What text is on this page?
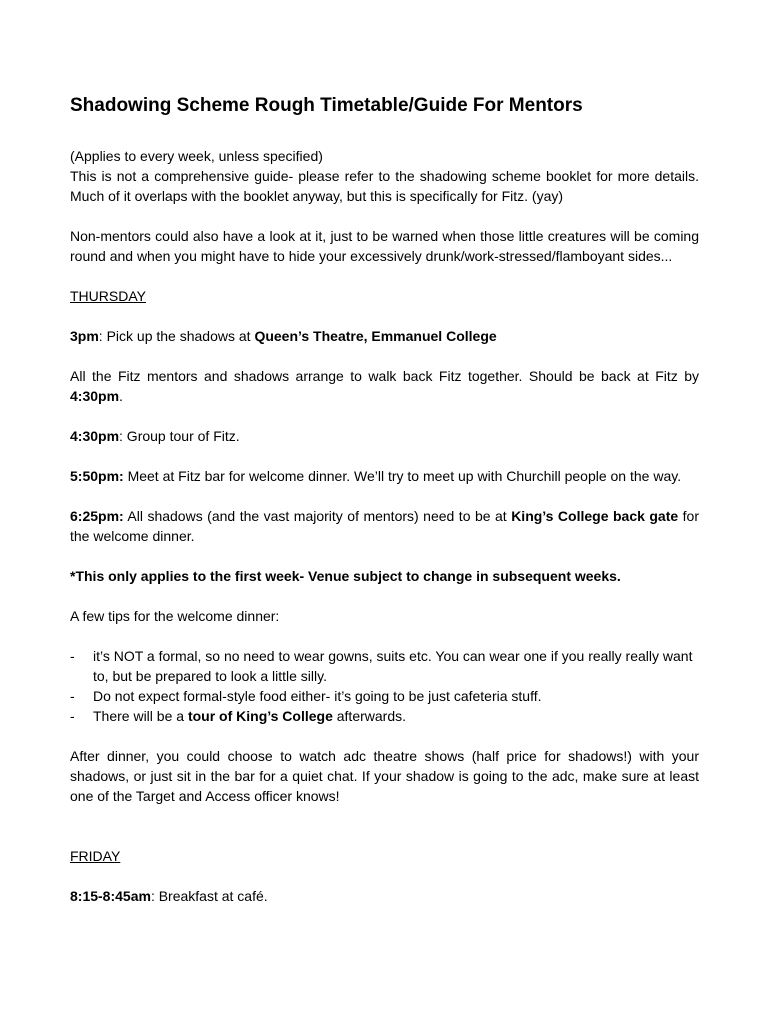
Shadowing Scheme Rough Timetable/Guide For Mentors

(Applies to every week, unless specified)
This is not a comprehensive guide- please refer to the shadowing scheme booklet for more details. Much of it overlaps with the booklet anyway, but this is specifically for Fitz. (yay)

Non-mentors could also have a look at it, just to be warned when those little creatures will be coming round and when you might have to hide your excessively drunk/work-stressed/flamboyant sides...

THURSDAY

3pm: Pick up the shadows at Queen’s Theatre, Emmanuel College

All the Fitz mentors and shadows arrange to walk back Fitz together. Should be back at Fitz by 4:30pm.

4:30pm: Group tour of Fitz.

5:50pm: Meet at Fitz bar for welcome dinner. We’ll try to meet up with Churchill people on the way.

6:25pm: All shadows (and the vast majority of mentors) need to be at King’s College back gate for the welcome dinner.

*This only applies to the first week- Venue subject to change in subsequent weeks.

A few tips for the welcome dinner:

- it’s NOT a formal, so no need to wear gowns, suits etc. You can wear one if you really really want to, but be prepared to look a little silly.
- Do not expect formal-style food either- it’s going to be just cafeteria stuff.
- There will be a tour of King’s College afterwards.

After dinner, you could choose to watch adc theatre shows (half price for shadows!) with your shadows, or just sit in the bar for a quiet chat. If your shadow is going to the adc, make sure at least one of the Target and Access officer knows!

FRIDAY

8:15-8:45am: Breakfast at café.
